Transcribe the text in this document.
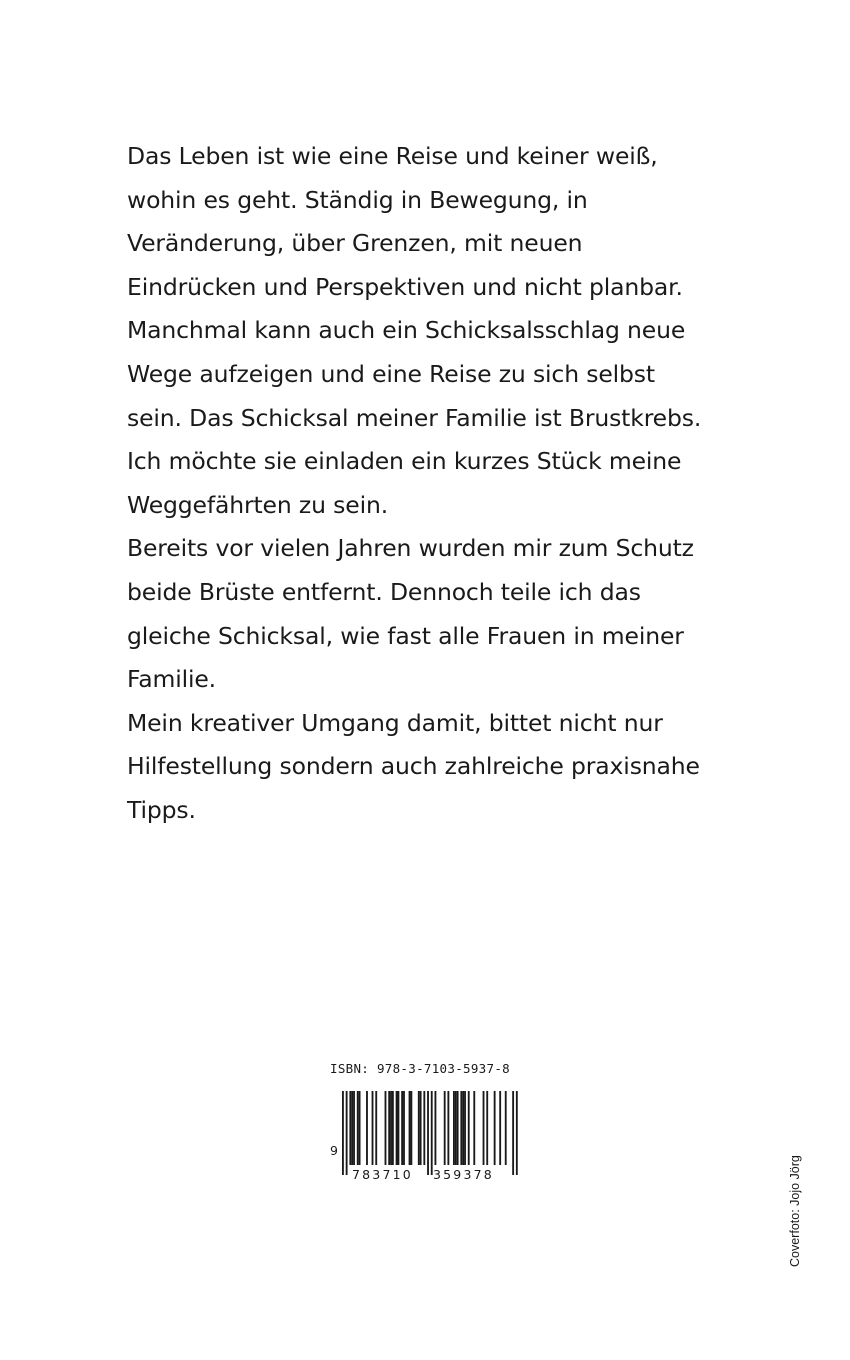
Das Leben ist wie eine Reise und keiner weiß,
wohin es geht. Ständig in Bewegung, in
Veränderung, über Grenzen, mit neuen
Eindrücken und Perspektiven und nicht planbar.
Manchmal kann auch ein Schicksalsschlag neue
Wege aufzeigen und eine Reise zu sich selbst
sein. Das Schicksal meiner Familie ist Brustkrebs.
Ich möchte sie einladen ein kurzes Stück meine
Weggefährten zu sein.
Bereits vor vielen Jahren wurden mir zum Schutz
beide Brüste entfernt. Dennoch teile ich das
gleiche Schicksal, wie fast alle Frauen in meiner
Familie.
Mein kreativer Umgang damit, bittet nicht nur
Hilfestellung sondern auch zahlreiche praxisnahe
Tipps.
ISBN: 978-3-7103-5937-8
9
783710 359378	Coverfoto: Jojo Jörg
